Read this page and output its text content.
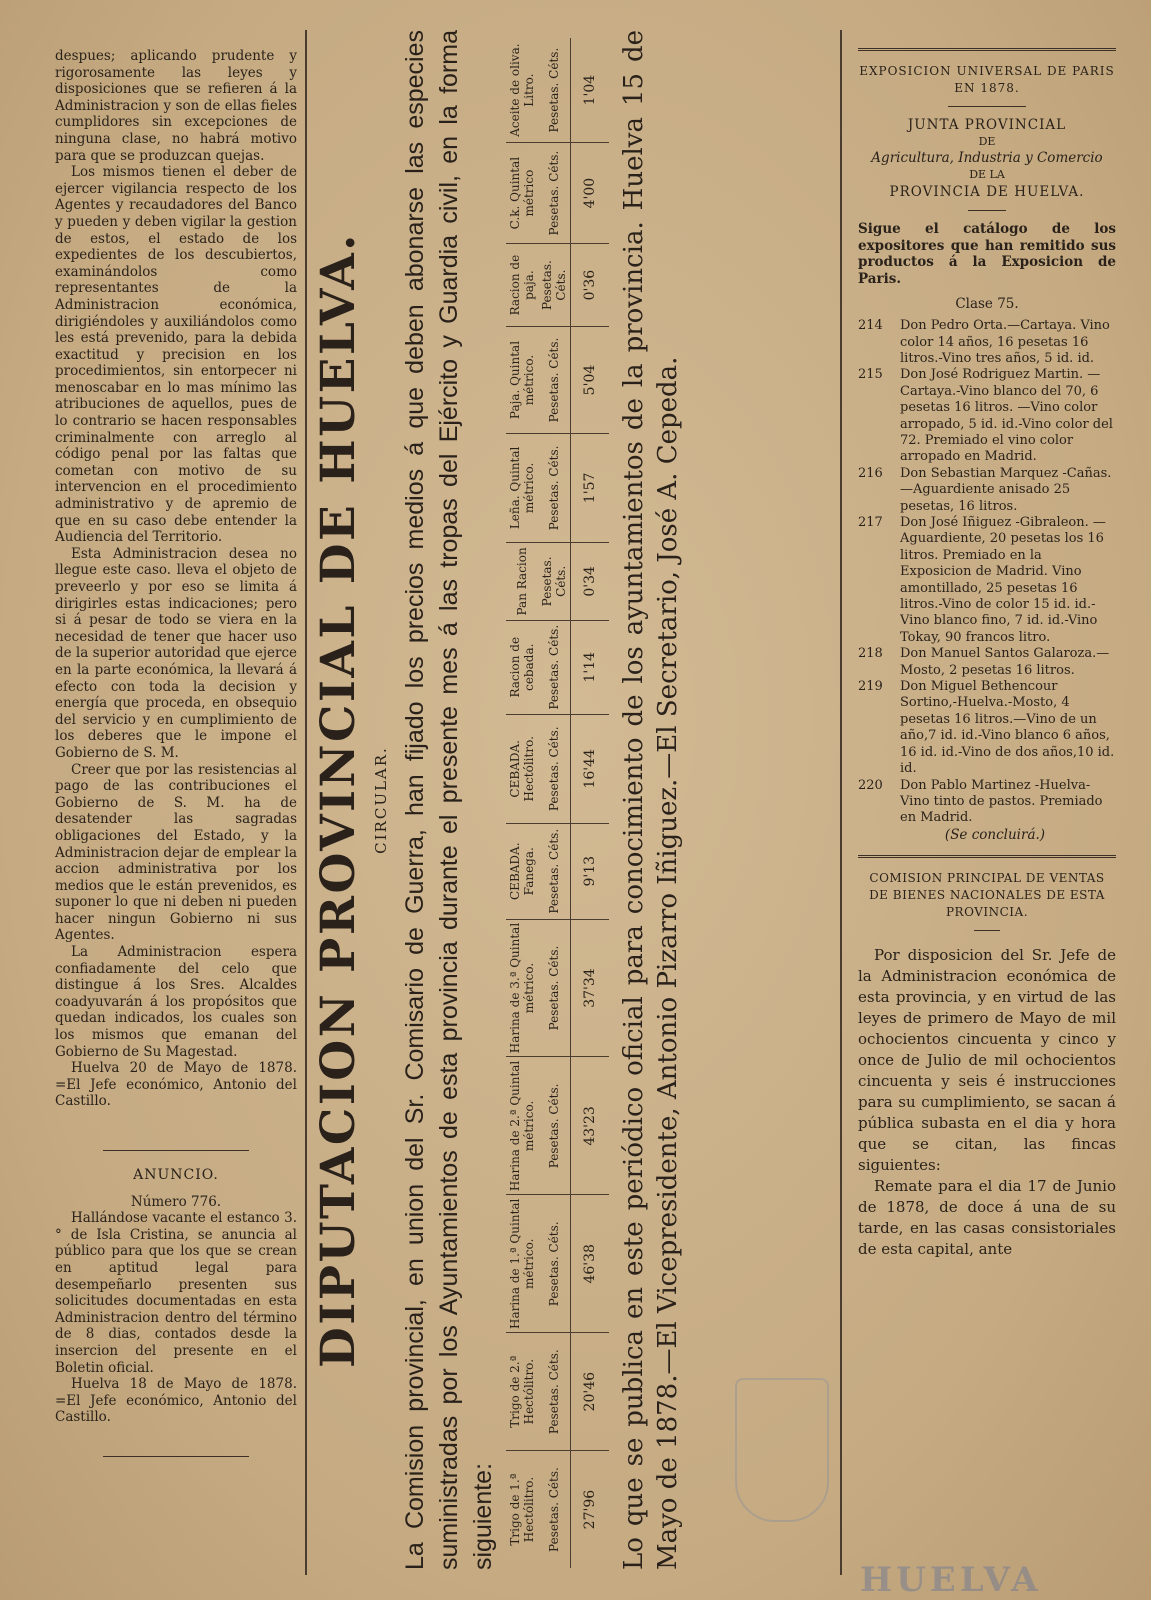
despues; aplicando prudente y rigorosamente las leyes y disposiciones que se refieren á la Administracion y son de ellas fieles cumplidores sin excepciones de ninguna clase, no habrá motivo para que se produzcan quejas.

Los mismos tienen el deber de ejercer vigilancia respecto de los Agentes y recaudadores del Banco y pueden y deben vigilar la gestion de estos, el estado de los expedientes de los descubiertos, examinándolos como representantes de la Administracion económica, dirigiéndoles y auxiliándolos como les está prevenido, para la debida exactitud y precision en los procedimientos, sin entorpecer ni menoscabar en lo mas mínimo las atribuciones de aquellos, pues de lo contrario se hacen responsables criminalmente con arreglo al código penal por las faltas que cometan con motivo de su intervencion en el procedimiento administrativo y de apremio de que en su caso debe entender la Audiencia del Territorio.

Esta Administracion desea no llegue este caso. lleva el objeto de preveerlo y por eso se limita á dirigirles estas indicaciones; pero si á pesar de todo se viera en la necesidad de tener que hacer uso de la superior autoridad que ejerce en la parte económica, la llevará á efecto con toda la decision y energía que proceda, en obsequio del servicio y en cumplimiento de los deberes que le impone el Gobierno de S. M.

Creer que por las resistencias al pago de las contribuciones el Gobierno de S. M. ha de desatender las sagradas obligaciones del Estado, y la Administracion dejar de emplear la accion administrativa por los medios que le están prevenidos, es suponer lo que ni deben ni pueden hacer ningun Gobierno ni sus Agentes.

La Administracion espera confiadamente del celo que distingue á los Sres. Alcaldes coadyuvarán á los propósitos que quedan indicados, los cuales son los mismos que emanan del Gobierno de Su Magestad.

Huelva 20 de Mayo de 1878. =El Jefe económico, Antonio del Castillo.

ANUNCIO.

Número 776.

Hallándose vacante el estanco 3.° de Isla Cristina, se anuncia al público para que los que se crean en aptitud legal para desempeñarlo presenten sus solicitudes documentadas en esta Administracion dentro del término de 8 dias, contados desde la insercion del presente en el Boletin oficial.

Huelva 18 de Mayo de 1878. =El Jefe económico, Antonio del Castillo.

DIPUTACION PROVINCIAL DE HUELVA. CIRCULAR. La Comision provincial, en union del Sr. Comisario de Guerra, han fijado los precios medios á que deben abonarse las especies suministradas por los Ayuntamientos de esta provincia durante el presente mes á las tropas del Ejército y Guardia civil, en la forma siguiente: Trigo de 1.ª Hectólitro.	Trigo de 2.ª Hectólitro.	Harina de 1.ª Quintal métrico.	Harina de 2.ª Quintal métrico.	Harina de 3.ª Quintal métrico.	CEBADA. Fanega.	CEBADA. Hectólitro.	Racion de cebada.	Pan Racion	Leña. Quintal métrico.	Paja. Quintal métrico.	Racion de paja.	C.k. Quintal métrico	Aceite de oliva. Litro.
Pesetas. Céts.	Pesetas. Céts.	Pesetas. Céts.	Pesetas. Céts.	Pesetas. Céts.	Pesetas. Céts.	Pesetas. Céts.	Pesetas. Céts.	Pesetas. Céts.	Pesetas. Céts.	Pesetas. Céts.	Pesetas. Céts.	Pesetas. Céts.	Pesetas. Céts.
27'96	20'46	46'38	43'23	37'34	9'13	16'44	1'14	0'34	1'57	5'04	0'36	4'00	1'04 Lo que se publica en este periódico oficial para conocimiento de los ayuntamientos de la provincia. Huelva 15 de Mayo de 1878.—El Vicepresidente, Antonio Pizarro Iñiguez.—El Secretario, José A. Cepeda.

EXPOSICION UNIVERSAL DE PARIS EN 1878.

JUNTA PROVINCIAL

DE

Agricultura, Industria y Comercio

DE LA

PROVINCIA DE HUELVA.

Sigue el catálogo de los expositores que han remitido sus productos á la Exposicion de Paris.

Clase 75.

214	Don Pedro Orta.—Cartaya. Vino color 14 años, 16 pesetas 16 litros.-Vino tres años, 5 id. id.
215	Don José Rodriguez Martin. —Cartaya.-Vino blanco del 70, 6 pesetas 16 litros. —Vino color arropado, 5 id. id.-Vino color del 72. Premiado el vino color arropado en Madrid.
216	Don Sebastian Marquez -Cañas.—Aguardiente anisado 25 pesetas, 16 litros.
217	Don José Iñiguez -Gibraleon. —Aguardiente, 20 pesetas los 16 litros. Premiado en la Exposicion de Madrid. Vino amontillado, 25 pesetas 16 litros.-Vino de color 15 id. id.-Vino blanco fino, 7 id. id.-Vino Tokay, 90 francos litro.
218	Don Manuel Santos Galaroza.—Mosto, 2 pesetas 16 litros.
219	Don Miguel Bethencour Sortino,-Huelva.-Mosto, 4 pesetas 16 litros.—Vino de un año,7 id. id.-Vino blanco 6 años, 16 id. id.-Vino de dos años,10 id. id.
220	Don Pablo Martinez -Huelva-Vino tinto de pastos. Premiado en Madrid.

(Se concluirá.)

COMISION PRINCIPAL DE VENTAS DE BIENES NACIONALES DE ESTA PROVINCIA.

Por disposicion del Sr. Jefe de la Administracion económica de esta provincia, y en virtud de las leyes de primero de Mayo de mil ochocientos cincuenta y cinco y once de Julio de mil ochocientos cincuenta y seis é instrucciones para su cumplimiento, se sacan á pública subasta en el dia y hora que se citan, las fincas siguientes:

Remate para el dia 17 de Junio de 1878, de doce á una de su tarde, en las casas consistoriales de esta capital, ante

HUELVA
